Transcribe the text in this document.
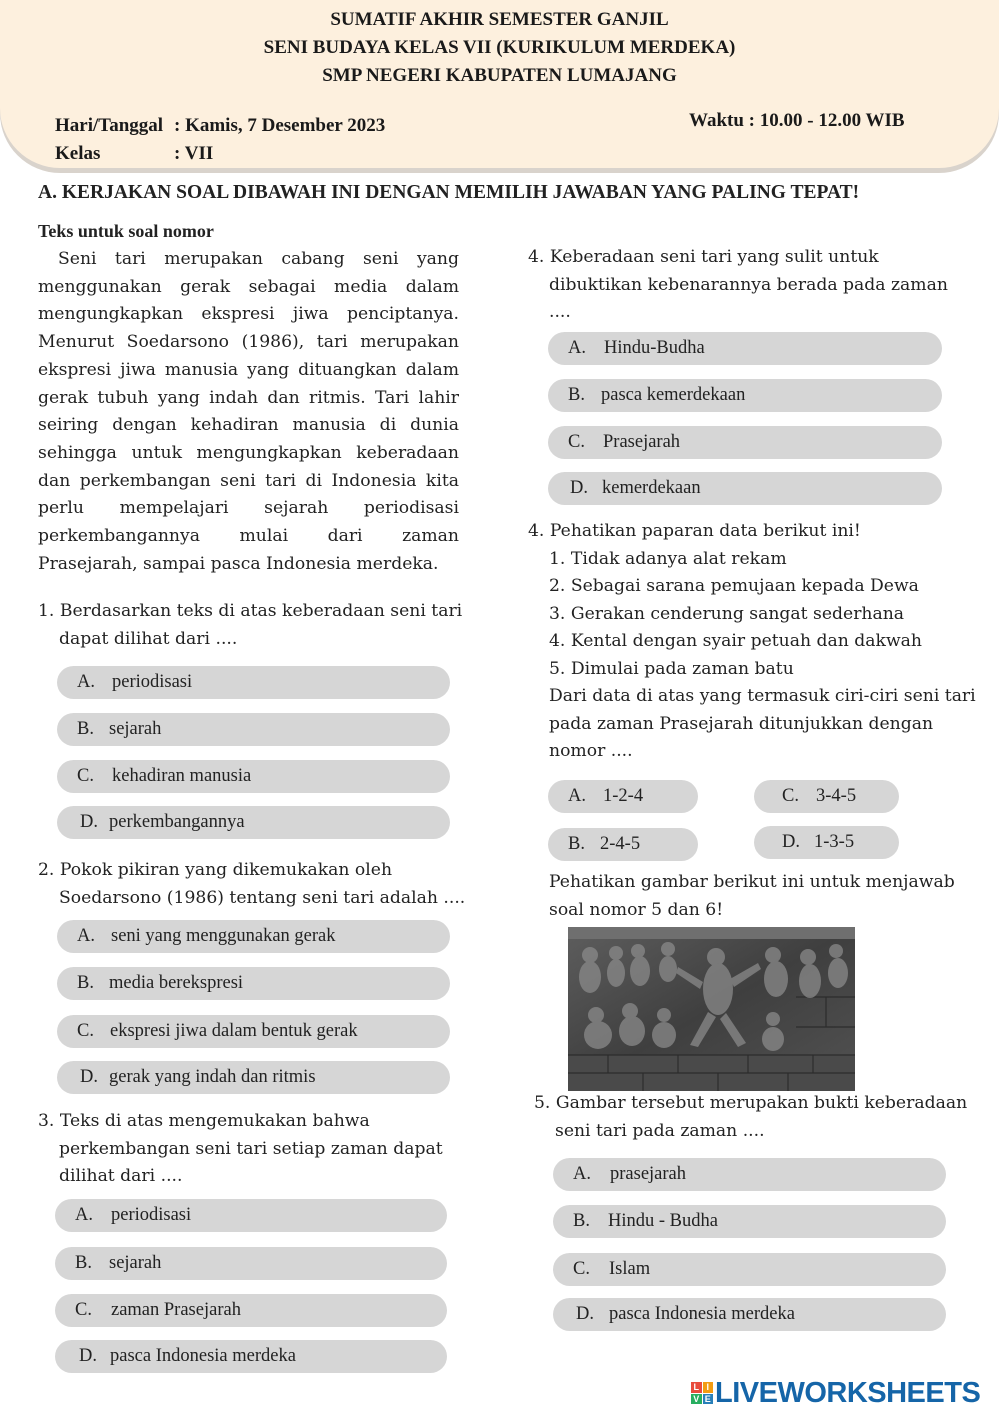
SUMATIF AKHIR SEMESTER GANJIL
SENI BUDAYA KELAS VII (KURIKULUM MERDEKA)
SMP NEGERI KABUPATEN LUMAJANG
Hari/Tanggal : Kamis, 7 Desember 2023
Kelas	: VII
Waktu : 10.00 - 12.00 WIB
A. KERJAKAN SOAL DIBAWAH INI DENGAN MEMILIH JAWABAN YANG PALING TEPAT!
Teks untuk soal nomor

Seni tari merupakan cabang seni yang menggunakan gerak sebagai media dalam mengungkapkan ekspresi jiwa penciptanya. Menurut Soedarsono (1986), tari merupakan ekspresi jiwa manusia yang dituangkan dalam gerak tubuh yang indah dan ritmis. Tari lahir seiring dengan kehadiran manusia di dunia sehingga untuk mengungkapkan keberadaan dan perkembangan seni tari di Indonesia kita perlu mempelajari sejarah periodisasi perkembangannya mulai dari zaman Prasejarah, sampai pasca Indonesia merdeka.

1. Berdasarkan teks di atas keberadaan seni tari
dapat dilihat dari ....
A. periodisasi
B. sejarah
C. kehadiran manusia
D. perkembangannya
2. Pokok pikiran yang dikemukakan oleh
Soedarsono (1986) tentang seni tari adalah ....
A. seni yang menggunakan gerak
B. media berekspresi
C. ekspresi jiwa dalam bentuk gerak
D. gerak yang indah dan ritmis
3. Teks di atas mengemukakan bahwa
perkembangan seni tari setiap zaman dapat
dilihat dari ....
A. periodisasi
B. sejarah
C. zaman Prasejarah
D. pasca Indonesia merdeka
4. Keberadaan seni tari yang sulit untuk
dibuktikan kebenarannya berada pada zaman
....
A. Hindu-Budha
B. pasca kemerdekaan
C. Prasejarah
D. kemerdekaan
4. Pehatikan paparan data berikut ini!
1. Tidak adanya alat rekam
2. Sebagai sarana pemujaan kepada Dewa
3. Gerakan cenderung sangat sederhana
4. Kental dengan syair petuah dan dakwah
5. Dimulai pada zaman batu
Dari data di atas yang termasuk ciri-ciri seni tari
pada zaman Prasejarah ditunjukkan dengan
nomor ....
A. 1-2-4	C. 3-4-5
B. 2-4-5	D. 1-3-5
Pehatikan gambar berikut ini untuk menjawab
soal nomor 5 dan 6!
5. Gambar tersebut merupakan bukti keberadaan
seni tari pada zaman ....
A. prasejarah
B. Hindu - Budha
C. Islam
D. pasca Indonesia merdeka
L I
V E LIVEWORKSHEETS
